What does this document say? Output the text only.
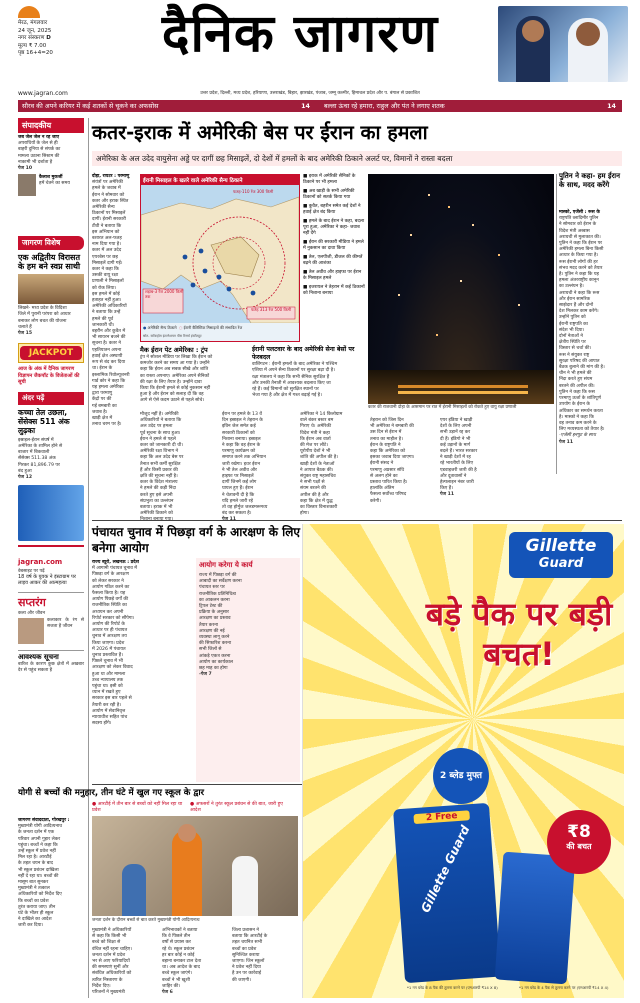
मेरठ, मंगलवार
24 जून, 2025
नगर संस्करण D
मूल्य ₹ 7.00
पृष्ठ 16+4=20	दैनिक जागरण
www.jagran.com	उत्तर प्रदेश, दिल्ली, मध्य प्रदेश, हरियाणा, उत्तराखंड, बिहार, झारखंड, पंजाब, जम्मू कश्मीर, हिमाचल प्रदेश और प. बंगाल से प्रकाशित
सौरव की अपने करियर में कई शतकों से चूकने का अफसोस	14 बल्ला ऊंचा रहे हमारा, राहुल और पंत ने लगाए शतक	14
संपादकीय
जब जेल जेल न रह जाए
अपराधियों के जेल से ही
बाहरी दुनिया से संपर्क का
मामला उठाना सिस्टम की
नाकामी भी दर्शाता है
पेज 10
कैलाश मुकर्जी
हमें चेतने का समय
जागरण विशेष
एक अद्वितीय विरासत के हम बने स्वप्न साथी
लिखने- मध्य प्रदेश के विदिशा
जिले में पुरानी परंपरा को आधार
बनाकर लोग बचत की योजना
चलाते हैं
पेज 15
JACKPOT
आज के अंक में दैनिक जागरण विज्ञापन जैकपॉट के विजेताओं की सूची
अंदर पढ़ें
कच्चा तेल उछला, सेंसेक्स 511 अंक लुढ़का
इस्राइल-ईरान संघर्ष में
अमेरिका के शामिल होने से
बाजार में बिकवाली
सेंसेक्स 511.38 अंक
गिरकर 81,896.79 पर
बंद हुआ
पेज 12
jagran.com
वेबसाइट पर पढ़ें
18 वर्ष के युवक ने इंस्टाग्राम पर लाइव आकर की आत्महत्या
सप्तरंग
कला और जीवन
कलाकार के रंग से सजता है जीवन
आवश्यक सूचना
बारिश के कारण कुछ क्षेत्रों में अखबार देर से पहुंच सकता है
कतर-इराक में अमेरिकी बेस पर ईरान का हमला
अमेरिका के अल उदेद वायुसेना अड्डे पर दागीं छह मिसाइलें, दो देशों में हमलों के बाद अमेरिकी ठिकाने अलर्ट पर, विमानों ने रास्ता बदला
दोहा, रायटर : परमाणु
संयंत्रों पर अमेरिकी
हमले के जवाब में
ईरान ने सोमवार को
कतर और इराक स्थित
अमेरिकी सैन्य
ठिकानों पर मिसाइलें
दागीं। ईरानी सरकारी
टीवी ने बताया कि
इस अभियान को
बशारत अल-फतह
नाम दिया गया है।
कतर में अल उदेद
एयरबेस पर छह
मिसाइलें दागी गईं।
कतर ने कहा कि
उसकी वायु रक्षा
प्रणाली ने मिसाइलों
को रोक लिया।
इस हमले में कोई
हताहत नहीं हुआ।
अमेरिकी अधिकारियों
ने बताया कि उन्हें
हमले की पूर्व
जानकारी थी।
बहरीन और कुवैत में
भी सायरन बजने की
सूचना है। कतर ने
एहतियातन अपना
हवाई क्षेत्र अस्थायी
रूप से बंद कर दिया
था। ईरान के
इस्लामिक रिवोल्यूशनरी
गार्ड कोर ने कहा कि
यह हमला अमेरिका
द्वारा परमाणु
केंद्रों पर की
गई बमबारी का
जवाब है।
खाड़ी क्षेत्र में
तनाव चरम पर है।
ईरानी मिसाइल के खतरे वाले अमेरिकी सैन्य ठिकाने
फतेह 313 रेंज 500 किमी
शहाब-3 रेंज 2000 किमी तक
फतह-110 रेंज 300 किमी
● अमेरिकी सैन्य ठिकाने ◌ ईरानी बैलिस्टिक मिसाइलों की संभावित रेंज
स्रोत- स्टॉकहोम इंटरनेशनल पीस रिसर्च इंस्टीट्यूट
■ इराक में अमेरिकी सैनिकों के ठिकाने पर भी हमला
■ अब खाड़ी के सभी अमेरिकी ठिकानों को सतर्क किया गया
■ कुवैत, बहरीन समेत कई देशों ने हवाई क्षेत्र बंद किया
■ हमले के बाद ईरान ने कहा, बदला पूरा हुआ, अमेरिका ने कहा- जवाब नहीं देंगे
■ ईरान की सरकारी मीडिया ने हमले में नुकसान का दावा किया
■ तेल, एलपीजी, डीजल की कीमतें बढ़ने की आशंका
■ तेल अवीव और हाइफा पर ईरान के मिसाइल हमले
■ इजरायल ने तेहरान में कई ठिकानों को निशाना बनाया
कतर की राजधानी दोहा के आसमान पर रात में ईरानी मिसाइलों को रोकते हुए वायु रक्षा प्रणाली
पुतिन ने कहा- हम ईरान के साथ, मदद करेंगे
मास्को, एजेंसी : रूस के
राष्ट्रपति व्लादिमीर पुतिन
ने सोमवार को ईरान के
विदेश मंत्री अब्बास
अराघची से मुलाकात की।
पुतिन ने कहा कि ईरान पर
अमेरिकी हमला बिना किसी
आधार के किया गया है।
रूस ईरानी लोगों की हर
संभव मदद करने को तैयार
है। पुतिन ने कहा कि यह
हमला अंतरराष्ट्रीय कानून
का उल्लंघन है।
अराघची ने कहा कि रूस
और ईरान सामरिक
साझेदार हैं और दोनों
देश मिलकर काम करेंगे।
उन्होंने पुतिन को
ईरानी राष्ट्रपति का
संदेश भी दिया।
दोनों नेताओं ने
क्षेत्रीय स्थिति पर
विस्तार से चर्चा की।
रूस ने संयुक्त राष्ट्र
सुरक्षा परिषद की आपात
बैठक बुलाने की मांग की है।
चीन ने भी हमले की
निंदा करते हुए संयम
बरतने की अपील की।
पुतिन ने कहा कि रूस
परमाणु ऊर्जा के शांतिपूर्ण
उपयोग के ईरान के
अधिकार का समर्थन करता
है। मास्को ने कहा कि
वह तनाव कम करने के
लिए मध्यस्थता को तैयार है।
-एजेंसी इनपुट के साथ
पेज 11
मैक ईरान पेट अमेरिका : ट्रंप
ट्रंप ने सोशल मीडिया पर लिखा कि ईरान को
कमजोर करने का समय आ गया है। उन्होंने
कहा कि ईरान अब सबक सीखे और शांति
का रास्ता अपनाए। अमेरिका अपने सैनिकों
की रक्षा के लिए तैयार है। उन्होंने दावा
किया कि ईरानी हमले से कोई नुकसान नहीं
हुआ है और ईरान को सलाह दी कि वह
आगे से ऐसे कदम उठाने से पहले सोचे।
ईरानी पलटवार के बाद अमेरिकी सेना बेसों पर फेरबदल
वाशिंगटन : ईरानी हमलों के बाद अमेरिका ने पश्चिम
एशिया में अपने सैन्य ठिकानों पर सुरक्षा बढ़ा दी है।
रक्षा मंत्रालय ने कहा कि सभी सैनिक सुरक्षित हैं
और उनकी तैनाती में आवश्यक बदलाव किए जा
रहे हैं। कई विमानों को सुरक्षित स्थानों पर
भेजा गया है और क्षेत्र में गश्त बढ़ाई गई है।
मौजूद नहीं है। अमेरिकी
अधिकारियों ने बताया कि
अल उदेद पर हमला
पूर्व सूचना के साथ हुआ।
ईरान ने हमले से पहले
कतर को जानकारी दी थी।
अमेरिकी रक्षा विभाग ने
कहा कि अल उदेद बेस पर
तैनात सभी कर्मी सुरक्षित
हैं और किसी प्रकार की
क्षति की सूचना नहीं है।
कतर के विदेश मंत्रालय
ने हमले की कड़ी निंदा
करते हुए इसे अपनी
संप्रभुता का उल्लंघन
बताया। इराक में भी
अमेरिकी ठिकाने को
ईरान पर हमले के 13 वें
दिन इस्राइल ने तेहरान के
इविन जेल समेत कई
सरकारी ठिकानों को
निशाना बनाया। इस्राइल
ने कहा कि वह ईरान के
परमाणु कार्यक्रम को
समाप्त करने तक अभियान
जारी रखेगा। इधर ईरान
ने भी तेल अवीव और
हाइफा पर मिसाइलें
दागीं जिनमें कई लोग
घायल हुए हैं। ईरान
ने चेतावनी दी है कि
यदि हमले जारी रहे
तो वह होर्मुज जलडमरूमध्य
बंद कर सकता है।
अमेरिका ने 14 किलोग्राम
वाले बंकर बस्टर बम
गिराए थे। अमेरिकी
विदेश मंत्री ने कहा
कि ईरान अब वार्ता
की मेज पर लौटे।
यूरोपीय देशों ने भी
शांति की अपील की है।
खाड़ी देशों के नेताओं
ने आपात बैठक की।
संयुक्त राष्ट्र महासचिव
ने सभी पक्षों से
संयम बरतने की
अपील की है और
कहा कि क्षेत्र में युद्ध
का विस्तार विनाशकारी
होगा।
तेहरान को जिस दिन
भी अमेरिका ने बमबारी की
उस दिन से ईरान में
तनाव का माहौल है।
ईरान के राष्ट्रपति ने
कहा कि अमेरिका को
इसका जवाब दिया जाएगा।
ईरानी संसद ने
परमाणु अप्रसार संधि
से अलग होने का
प्रस्ताव पारित किया है।
हालांकि अंतिम
फैसला सर्वोच्च परिषद
करेगी।
एयर इंडिया ने खाड़ी
देशों के लिए अपनी
सभी उड़ानें रद्द कर
दी हैं। इंडिगो ने भी
कई उड़ानों के मार्ग
बदले हैं। भारत सरकार
ने खाड़ी देशों में रह
रहे भारतीयों के लिए
एडवाइजरी जारी की है
और दूतावासों ने
हेल्पलाइन नंबर जारी
किए हैं।
पेज 11
पंचायत चुनाव में पिछड़ा वर्ग के आरक्षण के लिए बनेगा आयोग
राज्य ब्यूरो, लखनऊ : प्रदेश
में आगामी पंचायत चुनाव में
पिछड़ा वर्ग के आरक्षण
को लेकर सरकार ने
आयोग गठित करने का
फैसला किया है। यह
आयोग पिछड़े वर्गों की
राजनीतिक स्थिति का
अध्ययन कर अपनी
रिपोर्ट सरकार को सौंपेगा।
आयोग की रिपोर्ट के
आधार पर ही पंचायत
चुनाव में आरक्षण तय
किया जाएगा। प्रदेश
में 2026 में पंचायत
चुनाव प्रस्तावित हैं।
पिछले चुनाव में भी
आरक्षण को लेकर विवाद
हुआ था और मामला
उच्च न्यायालय तक
पहुंचा था। इसी को
ध्यान में रखते हुए
सरकार इस बार पहले से
तैयारी कर रही है।
आयोग में सेवानिवृत्त
न्यायाधीश सहित पांच
सदस्य होंगे।
आयोग करेगा ये कार्य
राज्य में पिछड़ा वर्ग की
आबादी का सर्वेक्षण करना
पंचायत स्तर पर
राजनीतिक प्रतिनिधित्व
का आकलन करना
ट्रिपल टेस्ट की
प्रक्रिया के अनुसार
आरक्षण का प्रस्ताव
तैयार करना
आरक्षण की नई
व्यवस्था लागू करने
की सिफारिश करना
सभी जिलों से
आंकड़े एकत्र करना
आयोग का कार्यकाल
छह माह का होगा
-पेज 7
Gillette
Guard
बड़े पैक पर बड़ी बचत!
2 ब्लेड मुफ्त
2 Free
Gillette Guard	₹8
की बचत
*1 नग ब्लेड के 8 पैक की तुलना करने पर (एमआरपी ₹14 X 8)	*1 नग ब्लेड के 4 पैक से तुलना करने पर (एमआरपी ₹14 X 4)
योगी से बच्चों की मनुहार, तीन घंटे में खुल गए स्कूल के द्वार
● आरटीई में तीन बार से बच्चों को नहीं मिल रहा था प्रवेश
● अफसरों ने तुरंत स्कूल प्रबंधन से की बात, जारी हुए आदेश
जागरण संवाददाता, गोरखपुर :
मुख्यमंत्री योगी आदित्यनाथ
के जनता दर्शन में एक
परिवार अपनी गुहार लेकर
पहुंचा। बच्चों ने कहा कि
उन्हें स्कूल में प्रवेश नहीं
मिल रहा है। आरटीई
के तहत चयन के बाद
भी स्कूल प्रबंधन दाखिला
नहीं दे रहा था। बच्चों की
मासूम बात सुनकर
मुख्यमंत्री ने तत्काल
अधिकारियों को निर्देश दिए
कि बच्चों का प्रवेश
तुरंत कराया जाए। तीन
घंटे के भीतर ही स्कूल
ने दाखिले का आदेश
जारी कर दिया।
जनता दर्शन के दौरान बच्चों से बात करते मुख्यमंत्री योगी आदित्यनाथ
मुख्यमंत्री ने अधिकारियों
से कहा कि किसी भी
बच्चे को शिक्षा से
वंचित नहीं रहना चाहिए।
जनता दर्शन में प्रदेश
भर से आए फरियादियों
की समस्याएं सुनीं और
संबंधित अधिकारियों को
त्वरित निस्तारण के
निर्देश दिए।
परिजनों ने मुख्यमंत्री
अभिभावकों ने बताया
कि वे पिछले तीन
वर्षों से प्रयास कर
रहे थे। स्कूल प्रबंधन
हर बार कोई न कोई
बहाना बनाकर टाल देता
था। अब आदेश के बाद
बच्चे स्कूल जाएंगे।
बच्चों ने भी खुशी
जाहिर की।
पेज 6
जिला प्रशासन ने
बताया कि आरटीई के
तहत चयनित सभी
बच्चों का प्रवेश
सुनिश्चित कराया
जाएगा। जिन स्कूलों
ने प्रवेश नहीं दिया
है उन पर कार्रवाई
की जाएगी।
